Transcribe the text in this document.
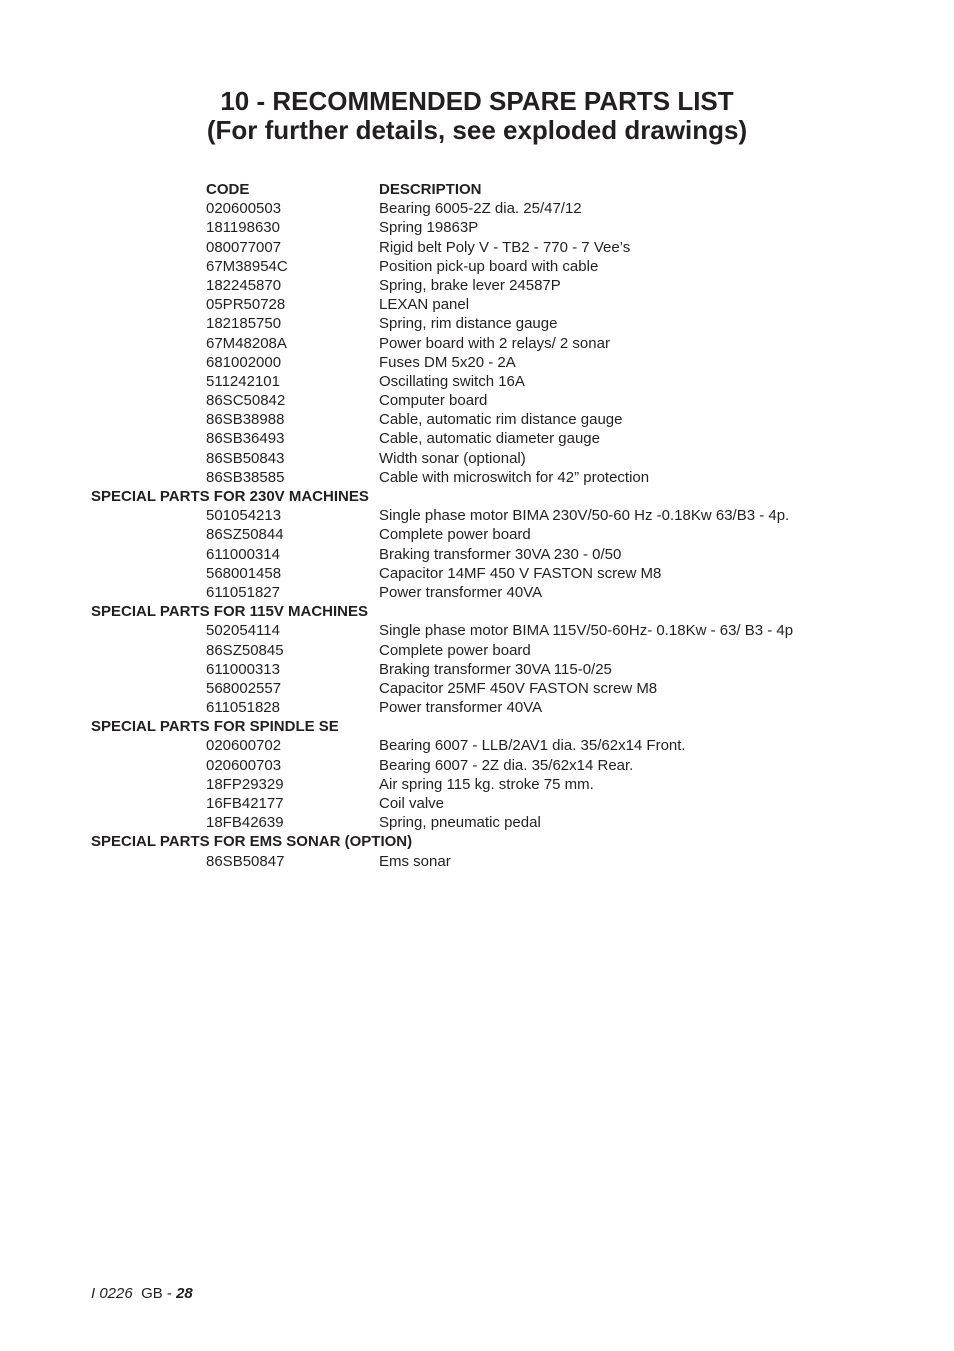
10 - RECOMMENDED SPARE PARTS LIST
(For further details, see exploded drawings)
CODE	DESCRIPTION
020600503	Bearing 6005-2Z dia. 25/47/12
181198630	Spring 19863P
080077007	Rigid belt Poly V - TB2 - 770 - 7 Vee’s
67M38954C	Position pick-up board with cable
182245870	Spring, brake lever 24587P
05PR50728	LEXAN panel
182185750	Spring, rim distance gauge
67M48208A	Power board with 2 relays/ 2 sonar
681002000	Fuses DM 5x20 - 2A
511242101	Oscillating switch 16A
86SC50842	Computer board
86SB38988	Cable, automatic rim distance gauge
86SB36493	Cable, automatic diameter gauge
86SB50843	Width sonar (optional)
86SB38585	Cable with microswitch for 42” protection
SPECIAL PARTS FOR 230V MACHINES
501054213	Single phase motor BIMA 230V/50-60 Hz -0.18Kw 63/B3 - 4p.
86SZ50844	Complete power board
611000314	Braking transformer 30VA 230 - 0/50
568001458	Capacitor 14MF 450 V FASTON screw M8
611051827	Power transformer 40VA
SPECIAL PARTS FOR 115V MACHINES
502054114	Single phase motor BIMA 115V/50-60Hz- 0.18Kw - 63/ B3 - 4p
86SZ50845	Complete power board
611000313	Braking transformer 30VA 115-0/25
568002557	Capacitor 25MF 450V FASTON screw M8
611051828	Power transformer 40VA
SPECIAL PARTS FOR SPINDLE SE
020600702	Bearing 6007 - LLB/2AV1 dia. 35/62x14 Front.
020600703	Bearing 6007 - 2Z dia. 35/62x14 Rear.
18FP29329	Air spring 115 kg. stroke 75 mm.
16FB42177	Coil valve
18FB42639	Spring, pneumatic pedal
SPECIAL PARTS FOR EMS SONAR (OPTION)
86SB50847	Ems sonar
I 0226 GB - 28
